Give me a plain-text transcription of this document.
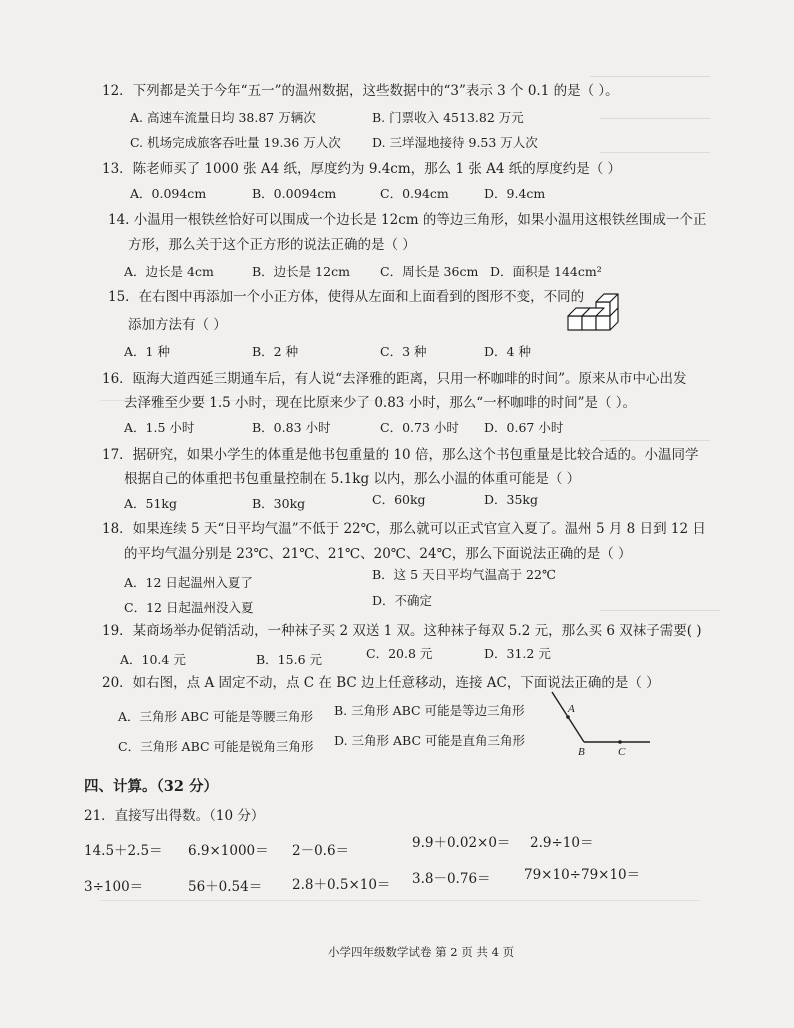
12．下列都是关于今年“五一”的温州数据，这些数据中的“3”表示 3 个 0.1 的是（ ）。
A. 高速车流量日均 38.87 万辆次	B. 门票收入 4513.82 万元
C. 机场完成旅客吞吐量 19.36 万人次 D. 三垟湿地接待 9.53 万人次
13．陈老师买了 1000 张 A4 纸，厚度约为 9.4cm，那么 1 张 A4 纸的厚度约是（ ）
A．0.094cm	B．0.0094cm	C．0.94cm	D．9.4cm
14. 小温用一根铁丝恰好可以围成一个边长是 12cm 的等边三角形，如果小温用这根铁丝围成一个正
方形，那么关于这个正方形的说法正确的是（ ）
A．边长是 4cm	B．边长是 12cm C．周长是 36cm D．面积是 144cm²
15．在右图中再添加一个小正方体，使得从左面和上面看到的图形不变，不同的
添加方法有（ ）
A．1 种	B．2 种	C．3 种	D．4 种
16．瓯海大道西延三期通车后，有人说“去泽雅的距离，只用一杯咖啡的时间”。原来从市中心出发
去泽雅至少要 1.5 小时，现在比原来少了 0.83 小时，那么“一杯咖啡的时间”是（ ）。
A．1.5 小时	B．0.83 小时	C．0.73 小时 D．0.67 小时
17．据研究，如果小学生的体重是他书包重量的 10 倍，那么这个书包重量是比较合适的。小温同学
根据自己的体重把书包重量控制在 5.1kg 以内，那么小温的体重可能是（ ）
A．51kg	B．30kg	C．60kg	D．35kg
18．如果连续 5 天“日平均气温”不低于 22℃，那么就可以正式官宣入夏了。温州 5 月 8 日到 12 日
的平均气温分别是 23℃、21℃、21℃、20℃、24℃，那么下面说法正确的是（ ）
A．12 日起温州入夏了
B．这 5 天日平均气温高于 22℃
C．12 日起温州没入夏	D．不确定
19．某商场举办促销活动，一种袜子买 2 双送 1 双。这种袜子每双 5.2 元，那么买 6 双袜子需要( )
A．10.4 元	B．15.6 元	C．20.8 元	D．31.2 元
20．如右图，点 A 固定不动，点 C 在 BC 边上任意移动，连接 AC，下面说法正确的是（ ）
A．三角形 ABC 可能是等腰三角形 B. 三角形 ABC 可能是等边三角形
C．三角形 ABC 可能是锐角三角形 D. 三角形 ABC 可能是直角三角形
A
B	C
四、计算。（32 分）
21．直接写出得数。（10 分）
14.5＋2.5＝ 6.9×1000＝ 2－0.6＝	9.9＋0.02×0＝ 2.9÷10＝
3÷100＝	56＋0.54＝ 2.8＋0.5×10＝ 3.8－0.76＝ 79×10÷79×10＝
小学四年级数学试卷 第 2 页 共 4 页
